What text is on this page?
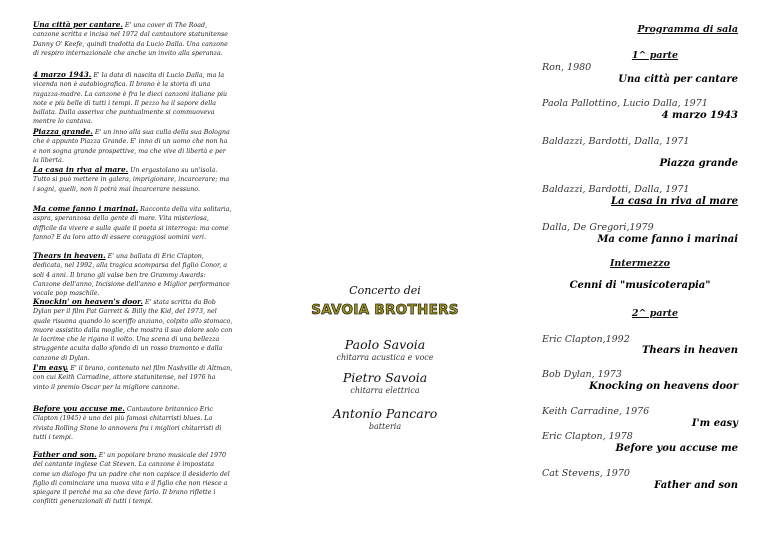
Una città per cantare. E' una cover di The Road, canzone scritta e incisa nel 1972 dal cantautore statunitense Danny O' Keefe, quindi tradotta da Lucio Dalla. Una canzone di respiro internazionale che anche un invito alla speranza.

4 marzo 1943. E' la data di nascita di Lucio Dalla, ma la vicenda non è autobiografica. Il brano è la storia di una ragazza-madre. La canzone è fra le dieci canzoni italiane più note e più belle di tutti i tempi. Il pezzo ha il sapore della ballata. Dalla asseriva che puntualmente si commuoveva mentre lo cantava.

Piazza grande. E' un inno alla sua culla della sua Bologna che è appunto Piazza Grande. E' inno di un uomo che non ha e non sogna grande prospettive, ma che vive di libertà e per la libertà.

La casa in riva al mare. Un ergastolano su un'isola. Tutto si può mettere in galera, imprigionare, incarcerare; ma i sogni, quelli, non li potrà mai incarcerare nessuno.

Ma come fanno i marinai. Racconta della vita solitaria, aspra, speranzosa della gente di mare. Vita misteriosa, difficile da vivere e sulla quale il poeta si interroga: ma come fanno? E da loro atto di essere coraggiosi uomini veri.

Thears in heaven. E' una ballata di Eric Clapton, dedicata, nel 1992, alla tragica scomparsa del figlio Conor, a soli 4 anni. Il brano gli valse ben tre Grammy Awards: Canzone dell'anno, Incisione dell'anno e Miglior performance vocale pop maschile.

Knockin' on heaven's door. E' stata scritta da Bob Dylan per il film Pat Garrett & Billy the Kid, del 1973, nel quale risuona quando lo sceriffo anziano, colpito allo stomaco, muore assistito dalla moglie, che mostra il suo dolore solo con le lacrime che le rigano il volto. Una scena di una bellezza struggente acuita dallo sfondo di un rosso tramonto e dalla canzone di Dylan.

I'm easy. E' il brano, contenuto nel film Nashville di Altman, con cui Keith Carradine, attore statunitense, nel 1976 ha vinto il premio Oscar per la migliore canzone.

Before you accuse me. Cantautore britannico Eric Clapton (1945) è uno dei più famosi chitarristi blues. La rivista Rolling Stone lo annovera fra i migliori chitarristi di tutti i tempi.

Father and son. E' un popolare brano musicale del 1970 del cantante inglese Cat Steven. La canzone è impostata come un dialogo fra un padre che non capisce il desiderio del figlio di cominciare una nuova vita e il figlio che non riesce a spiegare il perché ma sa che deve farlo. Il brano riflette i conflitti generazionali di tutti i tempi.

Concerto dei
SAVOIA BROTHERS
Paolo Savoia
chitarra acustica e voce
Pietro Savoia
chitarra elettrica
Antonio Pancaro
batteria
Programma di sala
1^ parte
Ron, 1980
Una città per cantare
Paola Pallottino, Lucio Dalla, 1971
4 marzo 1943
Baldazzi, Bardotti, Dalla, 1971
Piazza grande
Baldazzi, Bardotti, Dalla, 1971
La casa in riva al mare
Dalla, De Gregori,1979
Ma come fanno i marinai
Intermezzo
Cenni di "musicoterapia"
2^ parte
Eric Clapton,1992
Thears in heaven
Bob Dylan, 1973
Knocking on heavens door
Keith Carradine, 1976
I'm easy
Eric Clapton, 1978
Before you accuse me
Cat Stevens, 1970
Father and son
